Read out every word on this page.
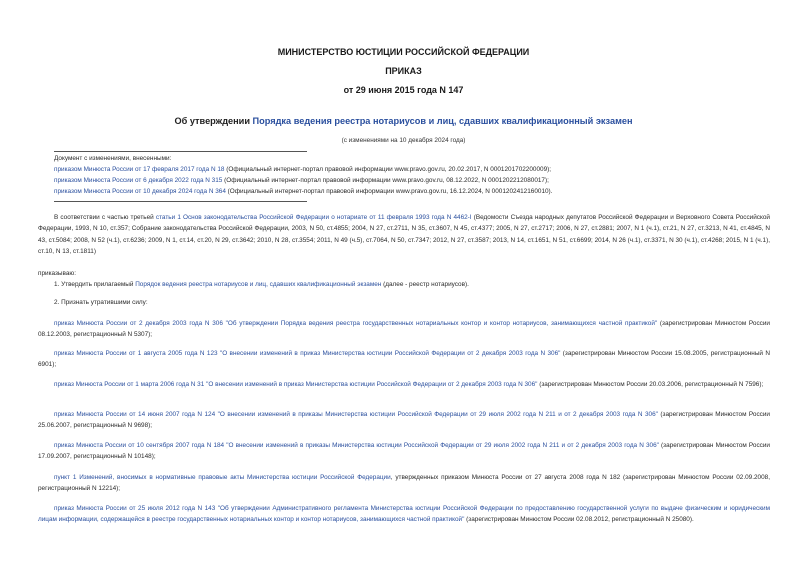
МИНИСТЕРСТВО ЮСТИЦИИ РОССИЙСКОЙ ФЕДЕРАЦИИ
ПРИКАЗ
от 29 июня 2015 года N 147
Об утверждении Порядка ведения реестра нотариусов и лиц, сдавших квалификационный экзамен
(с изменениями на 10 декабря 2024 года)

Документ с изменениями, внесенными:

приказом Минюста России от 17 февраля 2017 года N 18 (Официальный интернет-портал правовой информации www.pravo.gov.ru, 20.02.2017, N 0001201702200009);

приказом Минюста России от 6 декабря 2022 года N 315 (Официальный интернет-портал правовой информации www.pravo.gov.ru, 08.12.2022, N 0001202212080017);

приказом Минюста России от 10 декабря 2024 года N 364 (Официальный интернет-портал правовой информации www.pravo.gov.ru, 16.12.2024, N 0001202412160010).

В соответствии с частью третьей статьи 1 Основ законодательства Российской Федерации о нотариате от 11 февраля 1993 года N 4462-I (Ведомости Съезда народных депутатов Российской Федерации и Верховного Совета Российской Федерации, 1993, N 10, ст.357; Собрание законодательства Российской Федерации, 2003, N 50, ст.4855; 2004, N 27, ст.2711, N 35, ст.3607, N 45, ст.4377; 2005, N 27, ст.2717; 2006, N 27, ст.2881; 2007, N 1 (ч.1), ст.21, N 27, ст.3213, N 41, ст.4845, N 43, ст.5084; 2008, N 52 (ч.1), ст.6236; 2009, N 1, ст.14, ст.20, N 29, ст.3642; 2010, N 28, ст.3554; 2011, N 49 (ч.5), ст.7064, N 50, ст.7347; 2012, N 27, ст.3587; 2013, N 14, ст.1651, N 51, ст.6699; 2014, N 26 (ч.1), ст.3371, N 30 (ч.1), ст.4268; 2015, N 1 (ч.1), ст.10, N 13, ст.1811)

приказываю:

1. Утвердить прилагаемый Порядок ведения реестра нотариусов и лиц, сдавших квалификационный экзамен (далее - реестр нотариусов).

2. Признать утратившими силу:

приказ Минюста России от 2 декабря 2003 года N 306 "Об утверждении Порядка ведения реестра государственных нотариальных контор и контор нотариусов, занимающихся частной практикой" (зарегистрирован Минюстом России 08.12.2003, регистрационный N 5307);

приказ Минюста России от 1 августа 2005 года N 123 "О внесении изменений в приказ Министерства юстиции Российской Федерации от 2 декабря 2003 года N 306" (зарегистрирован Минюстом России 15.08.2005, регистрационный N 6901);

приказ Минюста России от 1 марта 2006 года N 31 "О внесении изменений в приказ Министерства юстиции Российской Федерации от 2 декабря 2003 года N 306" (зарегистрирован Минюстом России 20.03.2006, регистрационный N 7596);

приказ Минюста России от 14 июня 2007 года N 124 "О внесении изменений в приказы Министерства юстиции Российской Федерации от 29 июля 2002 года N 211 и от 2 декабря 2003 года N 306" (зарегистрирован Минюстом России 25.06.2007, регистрационный N 9698);

приказ Минюста России от 10 сентября 2007 года N 184 "О внесении изменений в приказы Министерства юстиции Российской Федерации от 29 июля 2002 года N 211 и от 2 декабря 2003 года N 306" (зарегистрирован Минюстом России 17.09.2007, регистрационный N 10148);

пункт 1 Изменений, вносимых в нормативные правовые акты Министерства юстиции Российской Федерации, утвержденных приказом Минюста России от 27 августа 2008 года N 182 (зарегистрирован Минюстом России 02.09.2008, регистрационный N 12214);

приказ Минюста России от 25 июля 2012 года N 143 "Об утверждении Административного регламента Министерства юстиции Российской Федерации по предоставлению государственной услуги по выдаче физическим и юридическим лицам информации, содержащейся в реестре государственных нотариальных контор и контор нотариусов, занимающихся частной практикой" (зарегистрирован Минюстом России 02.08.2012, регистрационный N 25080).
